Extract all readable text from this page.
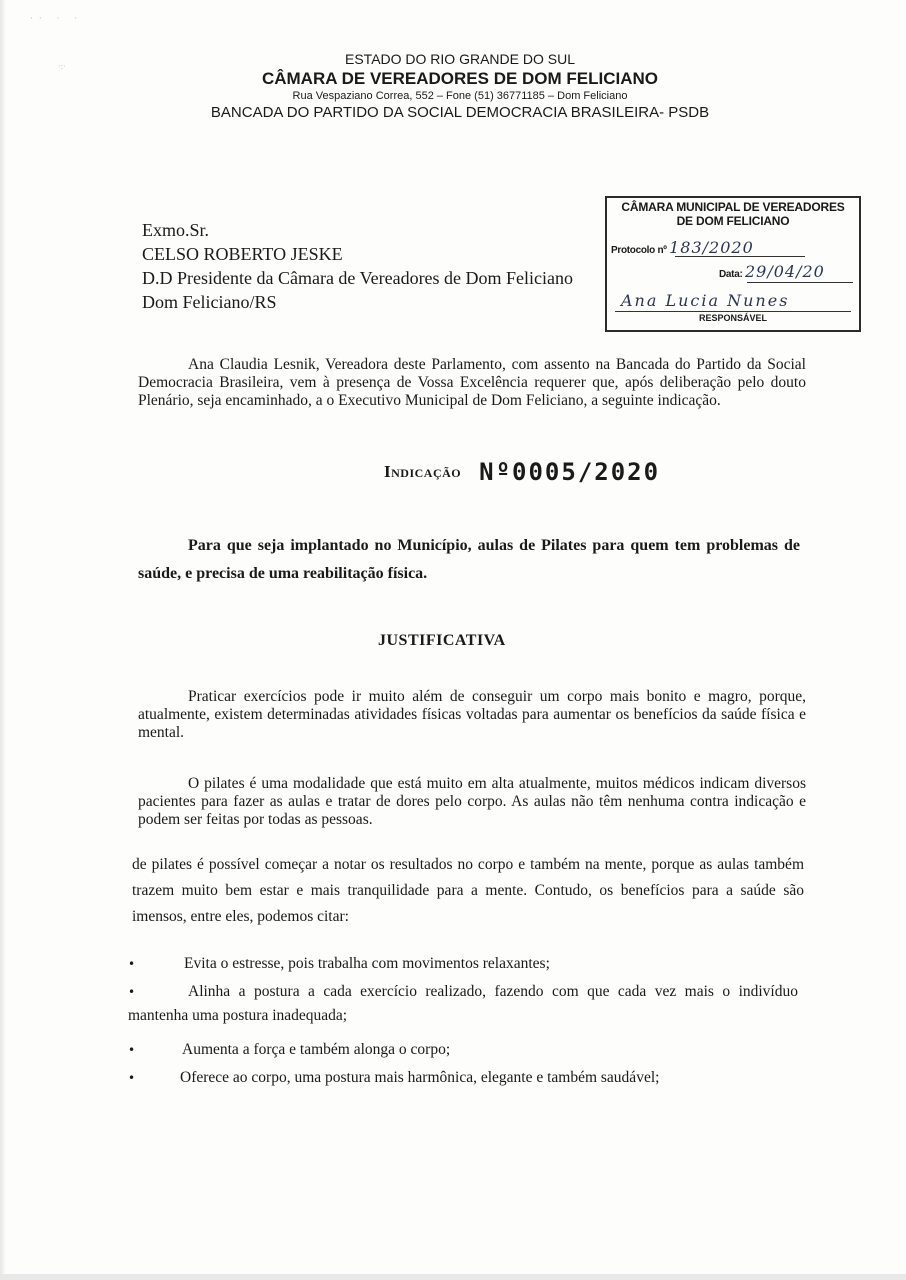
·· · ·
·:·	ESTADO DO RIO GRANDE DO SUL
CÂMARA DE VEREADORES DE DOM FELICIANO
Rua Vespaziano Correa, 552 – Fone (51) 36771185 – Dom Feliciano
BANCADA DO PARTIDO DA SOCIAL DEMOCRACIA BRASILEIRA- PSDB
Exmo.Sr.
CELSO ROBERTO JESKE
D.D Presidente da Câmara de Vereadores de Dom Feliciano
Dom Feliciano/RS
CÂMARA MUNICIPAL DE VEREADORES
DE DOM FELICIANO
Protocolo nº 183/2020
Data: 29/04/20
Ana Lucia Nunes
RESPONSÁVEL
Ana Claudia Lesnik, Vereadora deste Parlamento, com assento na Bancada do Partido da Social Democracia Brasileira, vem à presença de Vossa Excelência requerer que, após deliberação pelo douto Plenário, seja encaminhado, a o Executivo Municipal de Dom Feliciano, a seguinte indicação.
Indicação Nº0005/2020
Para que seja implantado no Município, aulas de Pilates para quem tem problemas de saúde, e precisa de uma reabilitação física.
JUSTIFICATIVA
Praticar exercícios pode ir muito além de conseguir um corpo mais bonito e magro, porque, atualmente, existem determinadas atividades físicas voltadas para aumentar os benefícios da saúde física e mental.
O pilates é uma modalidade que está muito em alta atualmente, muitos médicos indicam diversos pacientes para fazer as aulas e tratar de dores pelo corpo. As aulas não têm nenhuma contra indicação e podem ser feitas por todas as pessoas.
de pilates é possível começar a notar os resultados no corpo e também na mente, porque as aulas também trazem muito bem estar e mais tranquilidade para a mente. Contudo, os benefícios para a saúde são imensos, entre eles, podemos citar:
•	Evita o estresse, pois trabalha com movimentos relaxantes;
•	Alinha a postura a cada exercício realizado, fazendo com que cada vez mais o indivíduo mantenha uma postura inadequada;
•	Aumenta a força e também alonga o corpo;
•	Oferece ao corpo, uma postura mais harmônica, elegante e também saudável;
